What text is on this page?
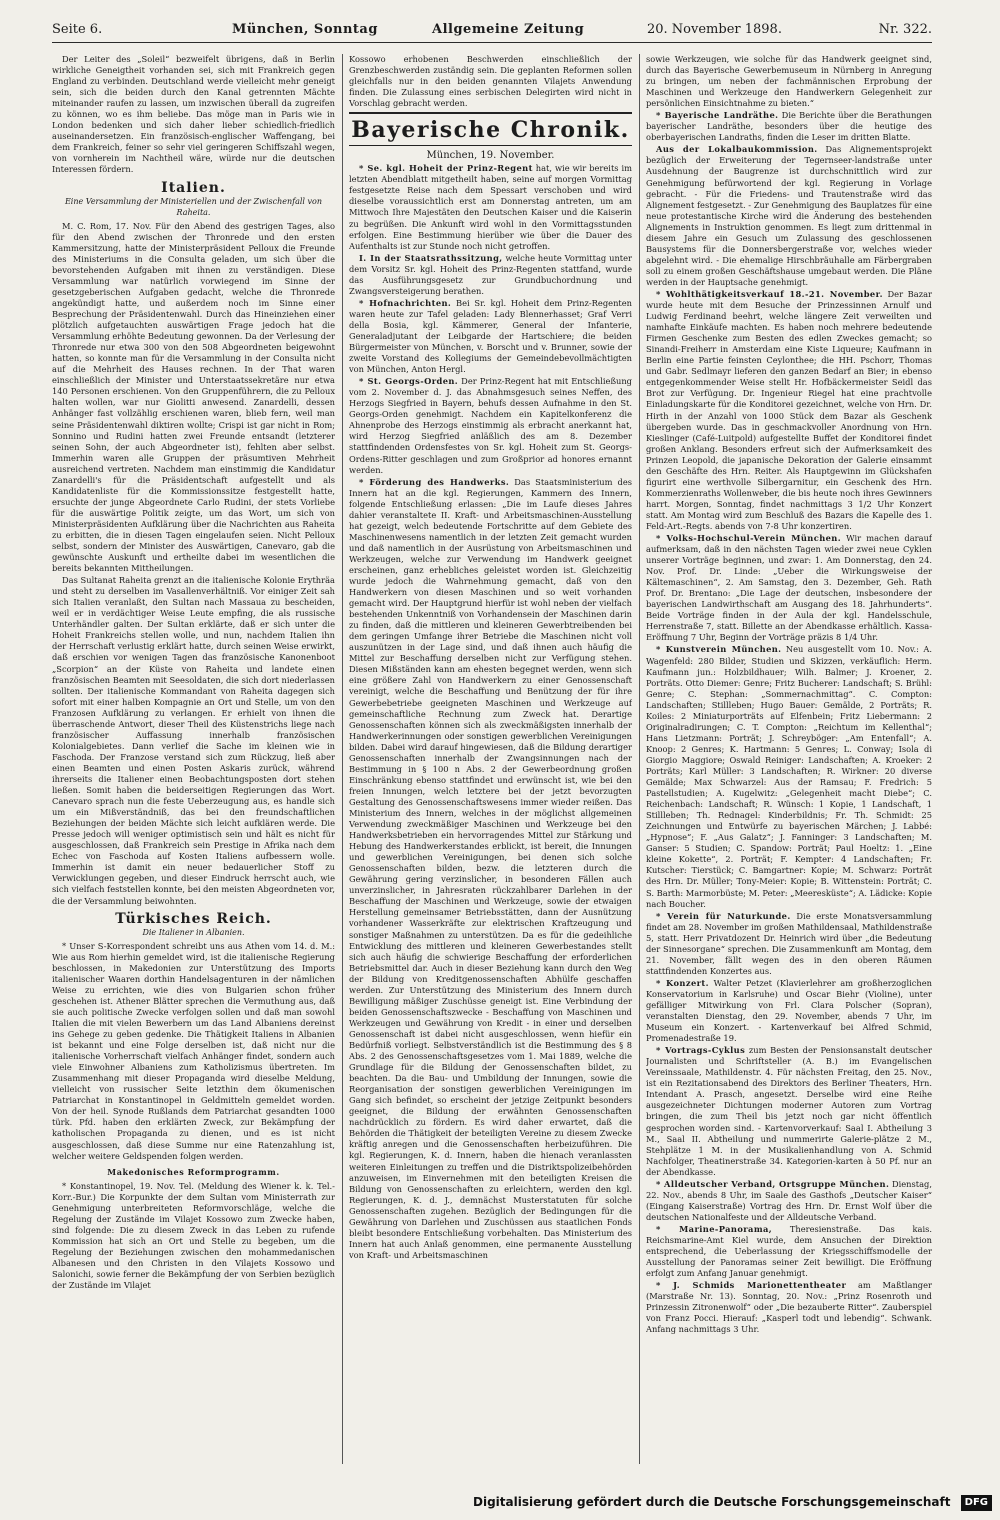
Seite 6.	München, Sonntag	Allgemeine Zeitung	20. November 1898.	Nr. 322.

Der Leiter des „Soleil“ bezweifelt übrigens, daß in Berlin wirkliche Geneigtheit vorhanden sei, sich mit Frankreich gegen England zu verbinden. Deutschland werde vielleicht mehr geneigt sein, sich die beiden durch den Kanal getrennten Mächte miteinander raufen zu lassen, um inzwischen überall da zugreifen zu können, wo es ihm beliebe. Das möge man in Paris wie in London bedenken und sich daher lieber schiedlich-friedlich auseinandersetzen. Ein französisch-englischer Waffengang, bei dem Frankreich, feiner so sehr viel geringeren Schiffszahl wegen, von vornherein im Nachtheil wäre, würde nur die deutschen Interessen fördern.

Italien.
Eine Versammlung der Ministeriellen und der Zwischenfall von Raheita.

M. C. Rom, 17. Nov. Für den Abend des gestrigen Tages, also für den Abend zwischen der Thronrede und den ersten Kammersitzung, hatte der Ministerpräsident Pelloux die Freunde des Ministeriums in die Consulta geladen, um sich über die bevorstehenden Aufgaben mit ihnen zu verständigen. Diese Versammlung war natürlich vorwiegend im Sinne der gesetzgeberischen Aufgaben gedacht, welche die Thronrede angekündigt hatte, und außerdem noch im Sinne einer Besprechung der Präsidentenwahl. Durch das Hineinziehen einer plötzlich aufgetauchten auswärtigen Frage jedoch hat die Versammlung erhöhte Bedeutung gewonnen. Da der Verlesung der Thronrede nur etwa 300 von den 508 Abgeordneten beigewohnt hatten, so konnte man für die Versammlung in der Consulta nicht auf die Mehrheit des Hauses rechnen. In der That waren einschließlich der Minister und Unterstaatssekretäre nur etwa 140 Personen erschienen. Von den Gruppenführern, die zu Pelloux halten wollen, war nur Giolitti anwesend. Zanardelli, dessen Anhänger fast vollzählig erschienen waren, blieb fern, weil man seine Präsidentenwahl diktiren wollte; Crispi ist gar nicht in Rom; Sonnino und Rudini hatten zwei Freunde entsandt (letzterer seinen Sohn, der auch Abgeordneter ist), fehlten aber selbst. Immerhin waren alle Gruppen der präsumtiven Mehrheit ausreichend vertreten. Nachdem man einstimmig die Kandidatur Zanardelli's für die Präsidentschaft aufgestellt und als Kandidatenliste für die Kommissionssitze festgestellt hatte, ersuchte der junge Abgeordnete Carlo Rudini, der stets Vorliebe für die auswärtige Politik zeigte, um das Wort, um sich von Ministerpräsidenten Aufklärung über die Nachrichten aus Raheita zu erbitten, die in diesen Tagen eingelaufen seien. Nicht Pelloux selbst, sondern der Minister des Auswärtigen, Canevaro, gab die gewünschte Auskunft und ertheilte dabei im wesentlichen die bereits bekannten Mittheilungen.

Das Sultanat Raheita grenzt an die italienische Kolonie Erythräa und steht zu derselben im Vasallenverhältniß. Vor einiger Zeit sah sich Italien veranlaßt, den Sultan nach Massaua zu bescheiden, weil er in verdächtiger Weise Leute empfing, die als russische Unterhändler galten. Der Sultan erklärte, daß er sich unter die Hoheit Frankreichs stellen wolle, und nun, nachdem Italien ihn der Herrschaft verlustig erklärt hatte, durch seinen Weise erwirkt, daß erschien vor wenigen Tagen das französische Kanonenboot „Scorpion“ an der Küste von Raheita und landete einen französischen Beamten mit Seesoldaten, die sich dort niederlassen sollten. Der italienische Kommandant von Raheita dagegen sich sofort mit einer halben Kompagnie an Ort und Stelle, um von den Franzosen Aufklärung zu verlangen. Er erhielt von ihnen die überraschende Antwort, dieser Theil des Küstenstrichs liege nach französischer Auffassung innerhalb französischen Kolonialgebietes. Dann verlief die Sache im kleinen wie in Faschoda. Der Franzose verstand sich zum Rückzug, ließ aber einen Beamten und einen Posten Askaris zurück, während ihrerseits die Italiener einen Beobachtungsposten dort stehen ließen. Somit haben die beiderseitigen Regierungen das Wort. Canevaro sprach nun die feste Ueberzeugung aus, es handle sich um ein Mißverständniß, das bei den freundschaftlichen Beziehungen der beiden Mächte sich leicht aufklären werde. Die Presse jedoch will weniger optimistisch sein und hält es nicht für ausgeschlossen, daß Frankreich sein Prestige in Afrika nach dem Echec von Faschoda auf Kosten Italiens aufbessern wolle. Immerhin ist damit ein neuer bedauerlicher Stoff zu Verwicklungen gegeben, und dieser Eindruck herrscht auch, wie sich vielfach feststellen konnte, bei den meisten Abgeordneten vor, die der Versammlung beiwohnten.

Türkisches Reich.
Die Italiener in Albanien.

* Unser S-Korrespondent schreibt uns aus Athen vom 14. d. M.: Wie aus Rom hierhin gemeldet wird, ist die italienische Regierung beschlossen, in Makedonien zur Unterstützung des Imports italienischer Waaren dorthin Handelsagenturen in der nämlichen Weise zu errichten, wie dies von Bulgarien schon früher geschehen ist. Athener Blätter sprechen die Vermuthung aus, daß sie auch politische Zwecke verfolgen sollen und daß man sowohl Italien die mit vielen Bewerbern um das Land Albaniens dereinst ins Gehege zu geben gedenke. Die Thätigkeit Italiens in Albanien ist bekannt und eine Folge derselben ist, daß nicht nur die italienische Vorherrschaft vielfach Anhänger findet, sondern auch viele Einwohner Albaniens zum Katholizismus übertreten. Im Zusammenhang mit dieser Propaganda wird dieselbe Meldung, vielleicht von russischer Seite letzthin dem ökumenischen Patriarchat in Konstantinopel in Geldmitteln gemeldet worden. Von der heil. Synode Rußlands dem Patriarchat gesandten 1000 türk. Pfd. haben den erklärten Zweck, zur Bekämpfung der katholischen Propaganda zu dienen, und es ist nicht ausgeschlossen, daß diese Summe nur eine Ratenzahlung ist, welcher weitere Geldspenden folgen werden.

Makedonisches Reformprogramm.

* Konstantinopel, 19. Nov. Tel. (Meldung des Wiener k. k. Tel.-Korr.-Bur.) Die Korpunkte der dem Sultan vom Ministerrath zur Genehmigung unterbreiteten Reformvorschläge, welche die Regelung der Zustände im Vilajet Kossowo zum Zwecke haben, sind folgende: Die zu diesem Zweck in das Leben zu rufende Kommission hat sich an Ort und Stelle zu begeben, um die Regelung der Beziehungen zwischen den mohammedanischen Albanesen und den Christen in den Vilajets Kossowo und Salonichi, sowie ferner die Bekämpfung der von Serbien bezüglich der Zustände im Vilajet

Kossowo erhobenen Beschwerden einschließlich der Grenzbeschwerden zuständig sein. Die geplanten Reformen sollen gleichfalls nur in den beiden genannten Vilajets Anwendung finden. Die Zulassung eines serbischen Delegirten wird nicht in Vorschlag gebracht werden.

Bayerische Chronik.
München, 19. November.

* Se. kgl. Hoheit der Prinz-Regent hat, wie wir bereits im letzten Abendblatt mitgetheilt haben, seine auf morgen Vormittag festgesetzte Reise nach dem Spessart verschoben und wird dieselbe voraussichtlich erst am Donnerstag antreten, um am Mittwoch Ihre Majestäten den Deutschen Kaiser und die Kaiserin zu begrüßen. Die Ankunft wird wohl in den Vormittagsstunden erfolgen. Eine Bestimmung hierüber wie über die Dauer des Aufenthalts ist zur Stunde noch nicht getroffen.

I. In der Staatsrathssitzung, welche heute Vormittag unter dem Vorsitz Sr. kgl. Hoheit des Prinz-Regenten stattfand, wurde das Ausführungsgesetz zur Grundbuchordnung und Zwangsversteigerung berathen.

* Hofnachrichten. Bei Sr. kgl. Hoheit dem Prinz-Regenten waren heute zur Tafel geladen: Lady Blennerhasset; Graf Verri della Bosia, kgl. Kämmerer, General der Infanterie, Generaladjutant der Leibgarde der Hartschiere; die beiden Bürgermeister von München, v. Borscht und v. Brunner, sowie der zweite Vorstand des Kollegiums der Gemeindebevollmächtigten von München, Anton Hergl.

* St. Georgs-Orden. Der Prinz-Regent hat mit Entschließung vom 2. November d. J. das Abnahmsgesuch seines Neffen, des Herzogs Siegfried in Bayern, behufs dessen Aufnahme in den St. Georgs-Orden genehmigt. Nachdem ein Kapitelkonferenz die Ahnenprobe des Herzogs einstimmig als erbracht anerkannt hat, wird Herzog Siegfried anläßlich des am 8. Dezember stattfindenden Ordensfestes von Sr. kgl. Hoheit zum St. Georgs-Ordens-Ritter geschlagen und zum Großprior ad honores ernannt werden.

* Förderung des Handwerks. Das Staatsministerium des Innern hat an die kgl. Regierungen, Kammern des Innern, folgende Entschließung erlassen: „Die im Laufe dieses Jahres dahier veranstaltete II. Kraft- und Arbeitsmaschinen-Ausstellung hat gezeigt, welch bedeutende Fortschritte auf dem Gebiete des Maschinenwesens namentlich in der letzten Zeit gemacht wurden und daß namentlich in der Ausrüstung von Arbeitsmaschinen und Werkzeugen, welche zur Verwendung im Handwerk geeignet erscheinen, ganz erhebliches geleistet worden ist. Gleichzeitig wurde jedoch die Wahrnehmung gemacht, daß von den Handwerkern von diesen Maschinen und so weit vorhanden gemacht wird. Der Hauptgrund hierfür ist wohl neben der vielfach bestehenden Unkenntniß von Vorhandensein der Maschinen darin zu finden, daß die mittleren und kleineren Gewerbtreibenden bei dem geringen Umfange ihrer Betriebe die Maschinen nicht voll auszunützen in der Lage sind, und daß ihnen auch häufig die Mittel zur Beschaffung derselben nicht zur Verfügung stehen. Diesen Mißständen kann am ehesten begegnet werden, wenn sich eine größere Zahl von Handwerkern zu einer Genossenschaft vereinigt, welche die Beschaffung und Benützung der für ihre Gewerbebetriebe geeigneten Maschinen und Werkzeuge auf gemeinschaftliche Rechnung zum Zweck hat. Derartige Genossenschaften können sich als zweckmäßigsten innerhalb der Handwerkerinnungen oder sonstigen gewerblichen Vereinigungen bilden. Dabei wird darauf hingewiesen, daß die Bildung derartiger Genossenschaften innerhalb der Zwangsinnungen nach der Bestimmung in § 100 n Abs. 2 der Gewerbeordnung großen Einschränkung ebenso stattfindet und erwünscht ist, wie bei den freien Innungen, welch letztere bei der jetzt bevorzugten Gestaltung des Genossenschaftswesens immer wieder reißen. Das Ministerium des Innern, welches in der möglichst allgemeinen Verwendung zweckmäßiger Maschinen und Werkzeuge bei den Handwerksbetrieben ein hervorragendes Mittel zur Stärkung und Hebung des Handwerkerstandes erblickt, ist bereit, die Innungen und gewerblichen Vereinigungen, bei denen sich solche Genossenschaften bilden, bezw. die letzteren durch die Gewährung gering verzinslicher, in besonderen Fällen auch unverzinslicher, in Jahresraten rückzahlbarer Darlehen in der Beschaffung der Maschinen und Werkzeuge, sowie der etwaigen Herstellung gemeinsamer Betriebsstätten, dann der Ausnützung vorhandener Wasserkräfte zur elektrischen Kraftzeugung und sonstiger Maßnahmen zu unterstützen. Da es für die gedeihliche Entwicklung des mittleren und kleineren Gewerbestandes stellt sich auch häufig die schwierige Beschaffung der erforderlichen Betriebsmittel dar. Auch in dieser Beziehung kann durch den Weg der Bildung von Kreditgenossenschaften Abhülfe geschaffen werden. Zur Unterstützung des Ministerium des Innern durch Bewilligung mäßiger Zuschüsse geneigt ist. Eine Verbindung der beiden Genossenschaftszwecke - Beschaffung von Maschinen und Werkzeugen und Gewährung von Kredit - in einer und derselben Genossenschaft ist dabei nicht ausgeschlossen, wenn hiefür ein Bedürfniß vorliegt. Selbstverständlich ist die Bestimmung des § 8 Abs. 2 des Genossenschaftsgesetzes vom 1. Mai 1889, welche die Grundlage für die Bildung der Genossenschaften bildet, zu beachten. Da die Bau- und Umbildung der Innungen, sowie die Reorganisation der sonstigen gewerblichen Vereinigungen im Gang sich befindet, so erscheint der jetzige Zeitpunkt besonders geeignet, die Bildung der erwähnten Genossenschaften nachdrücklich zu fördern. Es wird daher erwartet, daß die Behörden die Thätigkeit der beteiligten Vereine zu diesem Zwecke kräftig anregen und die Genossenschaften herbeizuführen. Die kgl. Regierungen, K. d. Innern, haben die hienach veranlassten weiteren Einleitungen zu treffen und die Distriktspolizeibehörden anzuweisen, im Einvernehmen mit den beteiligten Kreisen die Bildung von Genossenschaften zu erleichtern, werden den kgl. Regierungen, K. d. J., demnächst Musterstatuten für solche Genossenschaften zugehen. Bezüglich der Bedingungen für die Gewährung von Darlehen und Zuschüssen aus staatlichen Fonds bleibt besondere Entschließung vorbehalten. Das Ministerium des Innern hat auch Anlaß genommen, eine permanente Ausstellung von Kraft- und Arbeitsmaschinen

sowie Werkzeugen, wie solche für das Handwerk geeignet sind, durch das Bayerische Gewerbemuseum in Nürnberg in Anregung zu bringen, um neben der fachmännischen Erprobung der Maschinen und Werkzeuge den Handwerkern Gelegenheit zur persönlichen Einsichtnahme zu bieten.“

* Bayerische Landräthe. Die Berichte über die Berathungen bayerischer Landräthe, besonders über die heutige des oberbayerischen Landraths, finden die Leser im dritten Blatte.

Aus der Lokalbaukommission. Das Alignementsprojekt bezüglich der Erweiterung der Tegernseer-landstraße unter Ausdehnung der Baugrenze ist durchschnittlich wird zur Genehmigung befürwortend der kgl. Regierung in Vorlage gebracht. - Für die Friedens- und Trautenstraße wird das Alignement festgesetzt. - Zur Genehmigung des Bauplatzes für eine neue protestantische Kirche wird die Änderung des bestehenden Alignements in Instruktion genommen. Es liegt zum drittenmal in diesem Jahre ein Gesuch um Zulassung des geschlossenen Bausystems für die Donnersbergerstraße vor, welches wieder abgelehnt wird. - Die ehemalige Hirschbräuhalle am Färbergraben soll zu einem großen Geschäftshause umgebaut werden. Die Pläne werden in der Hauptsache genehmigt.

* Wohlthätigkeitsverkauf 18.-21. November. Der Bazar wurde heute mit dem Besuche der Prinzessinnen Arnulf und Ludwig Ferdinand beehrt, welche längere Zeit verweilten und namhafte Einkäufe machten. Es haben noch mehrere bedeutende Firmen Geschenke zum Besten des edlen Zweckes gemacht; so Sinandi-Freiherr in Amsterdam eine Kiste Liqueure; Kaufmann in Berlin eine Partie feinsten Ceylonthee; die HH. Pschorr, Thomas und Gabr. Sedlmayr lieferen den ganzen Bedarf an Bier; in ebenso entgegenkommender Weise stellt Hr. Hofbäckermeister Seidl das Brot zur Verfügung. Dr. Ingenieur Riegel hat eine prachtvolle Einladungskarte für die Konditorei gezeichnet, welche von Hrn. Dr. Hirth in der Anzahl von 1000 Stück dem Bazar als Geschenk übergeben wurde. Das in geschmackvoller Anordnung von Hrn. Kieslinger (Café-Luitpold) aufgestellte Buffet der Konditorei findet großen Anklang. Besonders erfreut sich der Aufmerksamkeit des Prinzen Leopold, die japanische Dekoration der Galerie einsammt den Geschäfte des Hrn. Reiter. Als Hauptgewinn im Glückshafen figurirt eine werthvolle Silbergarnitur, ein Geschenk des Hrn. Kommerzienraths Wollenweber, die bis heute noch ihres Gewinners harrt. Morgen, Sonntag, findet nachmittags 3 1/2 Uhr Konzert statt. Am Montag wird zum Beschluß des Bazars die Kapelle des 1. Feld-Art.-Regts. abends von 7-8 Uhr konzertiren.

* Volks-Hochschul-Verein München. Wir machen darauf aufmerksam, daß in den nächsten Tagen wieder zwei neue Cyklen unserer Vorträge beginnen, und zwar: 1. Am Donnerstag, den 24. Nov. Prof. Dr. Linde: „Ueber die Wirkungsweise der Kältemaschinen“, 2. Am Samstag, den 3. Dezember, Geh. Rath Prof. Dr. Brentano: „Die Lage der deutschen, insbesondere der bayerischen Landwirthschaft am Ausgang des 18. Jahrhunderts“. Beide Vorträge finden in der Aula der kgl. Handelsschule, Herrenstraße 7, statt. Billette an der Abendkasse erhältlich. Kassa-Eröffnung 7 Uhr, Beginn der Vorträge präzis 8 1/4 Uhr.

* Kunstverein München. Neu ausgestellt vom 10. Nov.: A. Wagenfeld: 280 Bilder, Studien und Skizzen, verkäuflich: Herm. Kaufmann jun.: Holzbildhauer; Wilh. Balmer; J. Kroener, 2. Porträts. Otto Diemer: Genre; Fritz Bucherer: Landschaft; S. Brühl: Genre; C. Stephan: „Sommernachmittag“. C. Compton: Landschaften; Stillleben; Hugo Bauer: Gemälde, 2 Porträts; R. Koiles: 2 Miniaturporträts auf Elfenbein; Fritz Liebermann: 2 Originalradirungen; C. T. Compton: „Reichtum im Kellenthal“; Hans Lietzmann: Porträt; J. Schreyböger: „Am Entenfall“; A. Knoop: 2 Genres; K. Hartmann: 5 Genres; L. Conway; Isola di Giorgio Maggiore; Oswald Reiniger: Landschaften; A. Kroeker: 2 Porträts; Karl Müller: 3 Landschaften; R. Wirkner: 20 diverse Gemälde; Max Schwarzel: Aus der Ramsau; F. Fredrich: 5 Pastellstudien; A. Kugelwitz: „Gelegenheit macht Diebe“; C. Reichenbach: Landschaft; R. Wünsch: 1 Kopie, 1 Landschaft, 1 Stillleben; Th. Rednagel: Kinderbildnis; Fr. Th. Schmidt: 25 Zeichnungen und Entwürfe zu bayerischen Märchen; J. Labbé: „Hypnose“; F. „Aus Galatz“; J. Fanninger: 3 Landschaften; M. Ganser: 5 Studien; C. Spandow: Porträt; Paul Hoeltz: 1. „Eine kleine Kokette“, 2. Porträt; F. Kempter: 4 Landschaften; Fr. Kutscher: Tierstück; C. Bamgartner: Kopie; M. Schwarz: Porträt des Hrn. Dr. Müller; Tony-Meier: Kopie; B. Wittenstein: Porträt; C. S. Barth: Marmorbüste; M. Peter: „Meeresküste“; A. Lädicke: Kopie nach Boucher.

* Verein für Naturkunde. Die erste Monatsversammlung findet am 28. November im großen Mathildensaal, Mathildenstraße 5, statt. Herr Privatdozent Dr. Heinrich wird über „die Bedeutung der Sinnesorgane“ sprechen. Die Zusammenkunft am Montag, dem 21. November, fällt wegen des in den oberen Räumen stattfindenden Konzertes aus.

* Konzert. Walter Petzet (Klavierlehrer am großherzoglichen Konservatorium in Karlsruhe) und Oscar Biehr (Violine), unter gefälliger Mitwirkung von Frl. Clara Polscher (Sopran), veranstalten Dienstag, den 29. November, abends 7 Uhr, im Museum ein Konzert. - Kartenverkauf bei Alfred Schmid, Promenadestraße 19.

* Vortrags-Cyklus zum Besten der Pensionsanstalt deutscher Journalisten und Schriftsteller (A. B.) im Evangelischen Vereinssaale, Mathildenstr. 4. Für nächsten Freitag, den 25. Nov., ist ein Rezitationsabend des Direktors des Berliner Theaters, Hrn. Intendant A. Prasch, angesetzt. Derselbe wird eine Reihe ausgezeichneter Dichtungen moderner Autoren zum Vortrag bringen, die zum Theil bis jetzt noch gar nicht öffentlich gesprochen worden sind. - Kartenvorverkauf: Saal I. Abtheilung 3 M., Saal II. Abtheilung und nummerirte Galerie-plätze 2 M., Stehplätze 1 M. in der Musikalienhandlung von A. Schmid Nachfolger, Theatinerstraße 34. Kategorien-karten à 50 Pf. nur an der Abendkasse.

* Alldeutscher Verband, Ortsgruppe München. Dienstag, 22. Nov., abends 8 Uhr, im Saale des Gasthofs „Deutscher Kaiser“ (Eingang Kaiserstraße) Vortrag des Hrn. Dr. Ernst Wolf über die deutschen Nationalfeste und der Alldeutsche Verband.

* Marine-Panorama, Theresienstraße. Das kais. Reichsmarine-Amt Kiel wurde, dem Ansuchen der Direktion entsprechend, die Ueberlassung der Kriegsschiffsmodelle der Ausstellung der Panoramas seiner Zeit bewilligt. Die Eröffnung erfolgt zum Anfang Januar genehmigt.

* J. Schmids Marionettentheater am Maßtlanger (Marstraße Nr. 13). Sonntag, 20. Nov.: „Prinz Rosenroth und Prinzessin Zitronenwolf“ oder „Die bezauberte Ritter“. Zauberspiel von Franz Pocci. Hierauf: „Kasperl todt und lebendig“. Schwank. Anfang nachmittags 3 Uhr.

Digitalisierung gefördert durch die Deutsche Forschungsgemeinschaft DFG
